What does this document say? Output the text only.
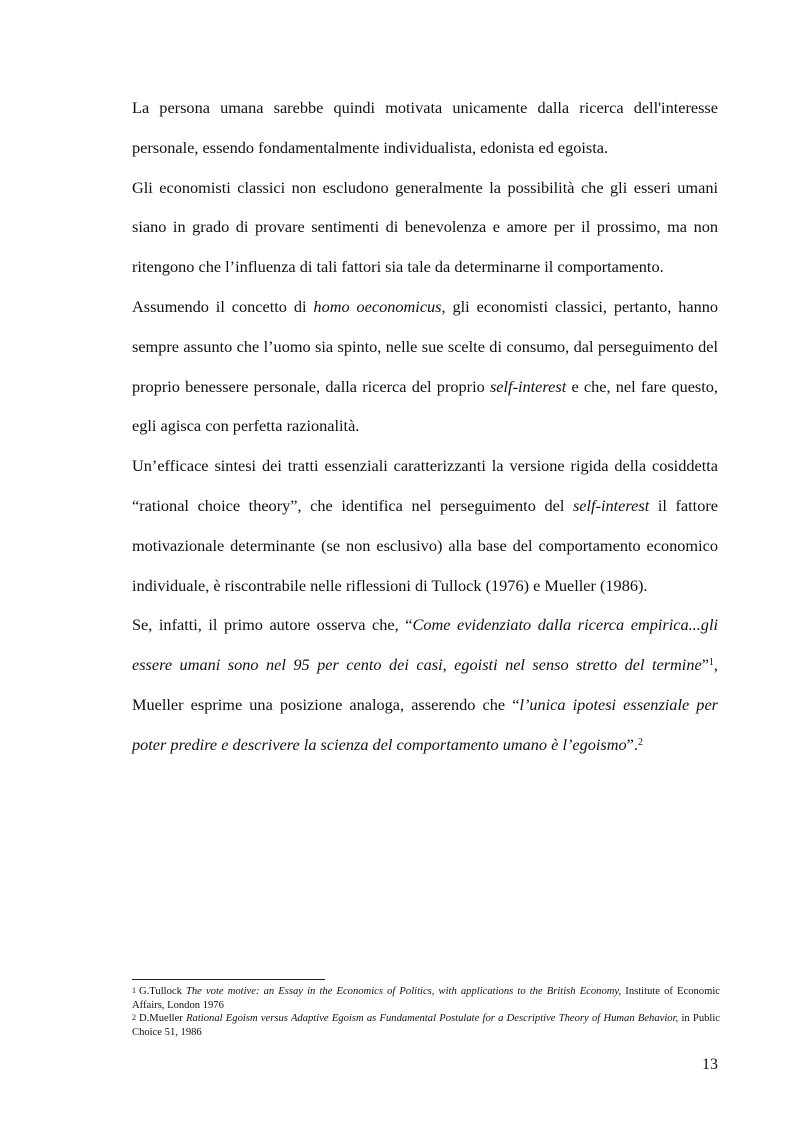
La persona umana sarebbe quindi motivata unicamente dalla ricerca dell'interesse personale, essendo fondamentalmente individualista, edonista ed egoista.

Gli economisti classici non escludono generalmente la possibilità che gli esseri umani siano in grado di provare sentimenti di benevolenza e amore per il prossimo, ma non ritengono che l’influenza di tali fattori sia tale da determinarne il comportamento.

Assumendo il concetto di homo oeconomicus, gli economisti classici, pertanto, hanno sempre assunto che l’uomo sia spinto, nelle sue scelte di consumo, dal perseguimento del proprio benessere personale, dalla ricerca del proprio self-interest e che, nel fare questo, egli agisca con perfetta razionalità.

Un’efficace sintesi dei tratti essenziali caratterizzanti la versione rigida della cosiddetta “rational choice theory”, che identifica nel perseguimento del self-interest il fattore motivazionale determinante (se non esclusivo) alla base del comportamento economico individuale, è riscontrabile nelle riflessioni di Tullock (1976) e Mueller (1986).

Se, infatti, il primo autore osserva che, “Come evidenziato dalla ricerca empirica...gli essere umani sono nel 95 per cento dei casi, egoisti nel senso stretto del termine”$^1$, Mueller esprime una posizione analoga, asserendo che “l’unica ipotesi essenziale per poter predire e descrivere la scienza del comportamento umano è l’egoismo”.$^2$

$^1$ G.Tullock The vote motive: an Essay in the Economics of Politics, with applications to the British Economy, Institute of Economic Affairs, London 1976

$^2$ D.Mueller Rational Egoism versus Adaptive Egoism as Fundamental Postulate for a Descriptive Theory of Human Behavior, in Public Choice 51, 1986

13
